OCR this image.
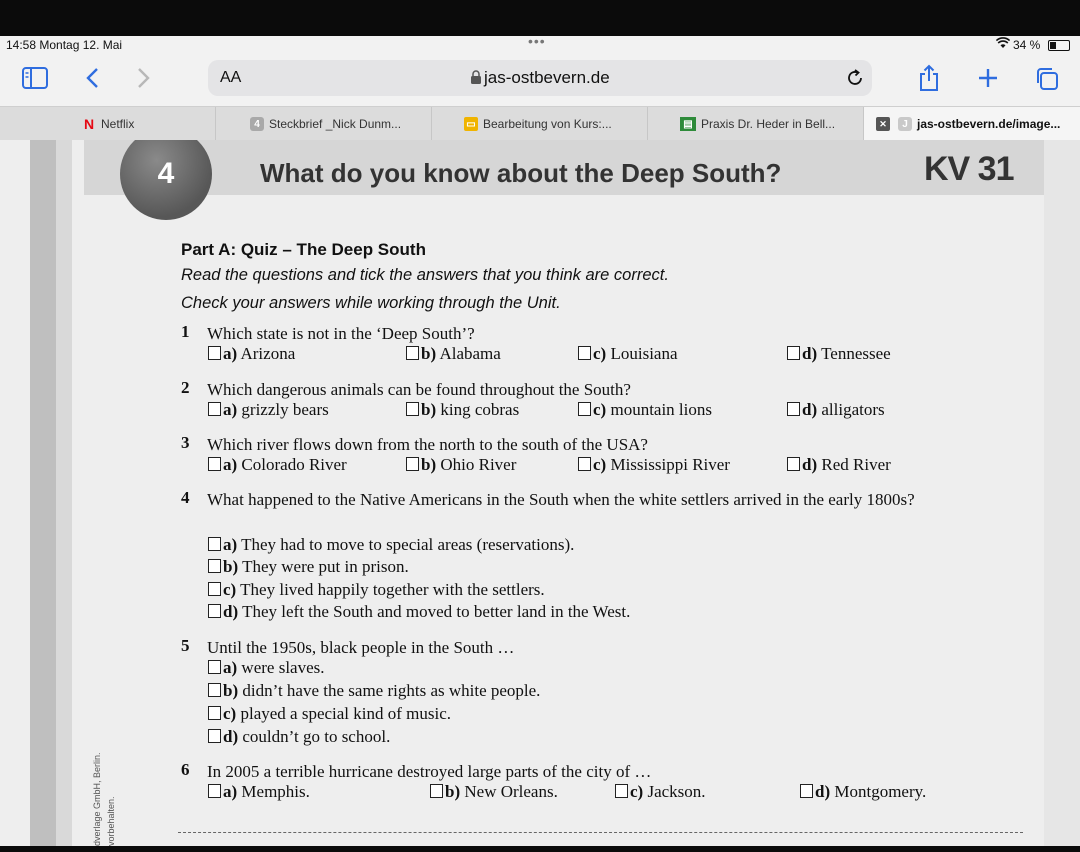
14:58 Montag 12. Mai	•••	34 %
AA	jas-ostbevern.de
N Netflix	4 Steckbrief _Nick Dunm...	▭ Bearbeitung von Kurs:...	▤ Praxis Dr. Heder in Bell...	✕	J jas-ostbevern.de/image...
4	What do you know about the Deep South?	KV 31
Part A: Quiz – The Deep South
Read the questions and tick the answers that you think are correct.
Check your answers while working through the Unit.
1 Which state is not in the ‘Deep South’?
a) Arizona	b) Alabama	c) Louisiana	d) Tennessee
2 Which dangerous animals can be found throughout the South?
a) grizzly bears	b) king cobras	c) mountain lions	d) alligators
3 Which river flows down from the north to the south of the USA?
a) Colorado River	b) Ohio River	c) Mississippi River	d) Red River
4 What happened to the Native Americans in the South when the white settlers arrived in the early 1800s?
a) They had to move to special areas (reservations).
b) They were put in prison.
c) They lived happily together with the settlers.
d) They left the South and moved to better land in the West.
5 Until the 1950s, black people in the South …
a) were slaves.
b) didn’t have the same rights as white people.
c) played a special kind of music.
d) couldn’t go to school.
6 In 2005 a terrible hurricane destroyed large parts of the city of …
a) Memphis.	b) New Orleans.	c) Jackson.	d) Montgomery.
dverlage GmbH, Berlin. vorbehalten.
